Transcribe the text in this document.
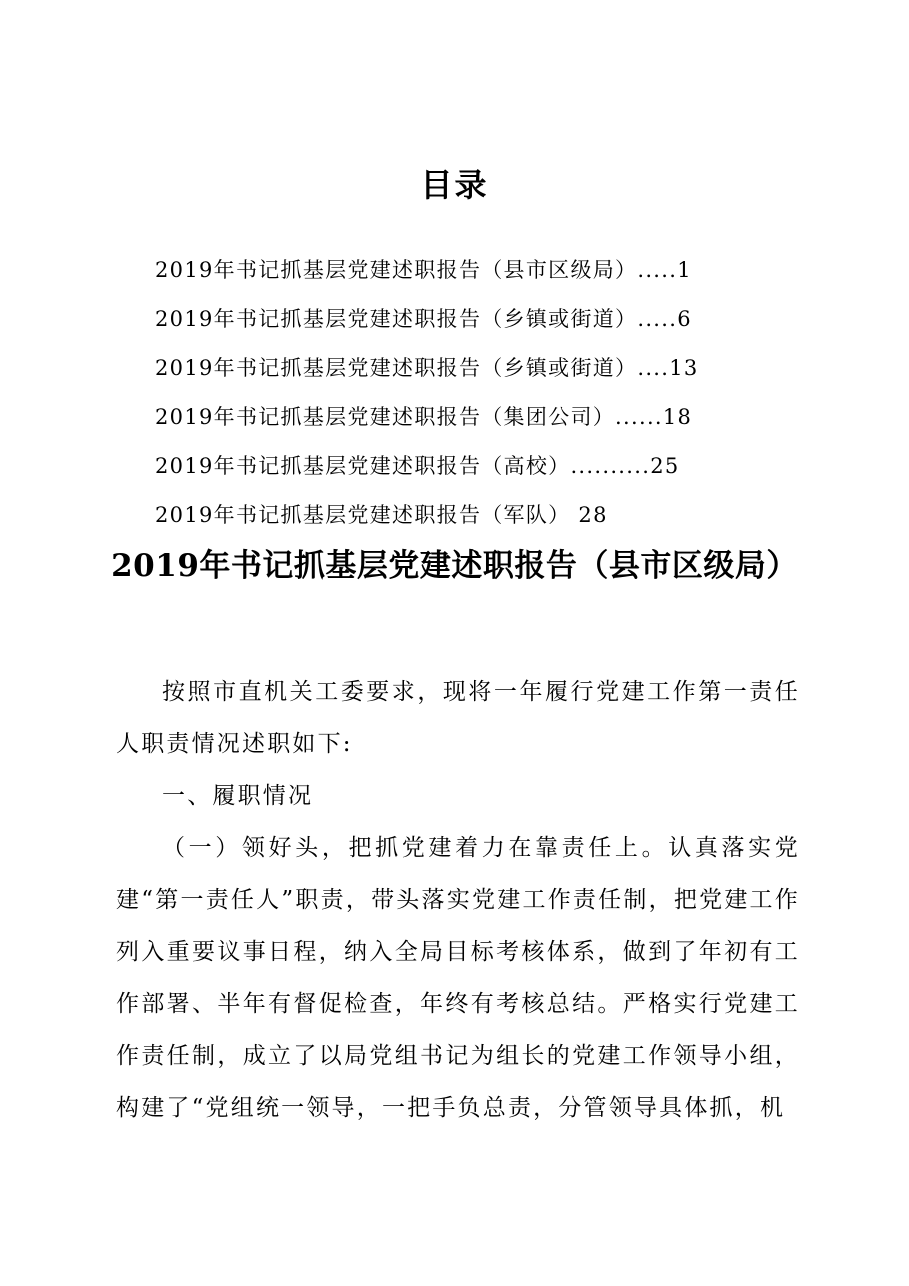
目录
2019年书记抓基层党建述职报告（县市区级局）.....1
2019年书记抓基层党建述职报告（乡镇或街道）.....6
2019年书记抓基层党建述职报告（乡镇或街道）....13
2019年书记抓基层党建述职报告（集团公司）......18
2019年书记抓基层党建述职报告（高校）..........25
2019年书记抓基层党建述职报告（军队） 28
2019年书记抓基层党建述职报告（县市区级局）

按照市直机关工委要求，现将一年履行党建工作第一责任人职责情况述职如下:

一、履职情况

（一）领好头，把抓党建着力在靠责任上。认真落实党建“第一责任人”职责，带头落实党建工作责任制，把党建工作列入重要议事日程，纳入全局目标考核体系，做到了年初有工作部署、半年有督促检查，年终有考核总结。严格实行党建工作责任制，成立了以局党组书记为组长的党建工作领导小组，构建了“党组统一领导，一把手负总责，分管领导具体抓，机
